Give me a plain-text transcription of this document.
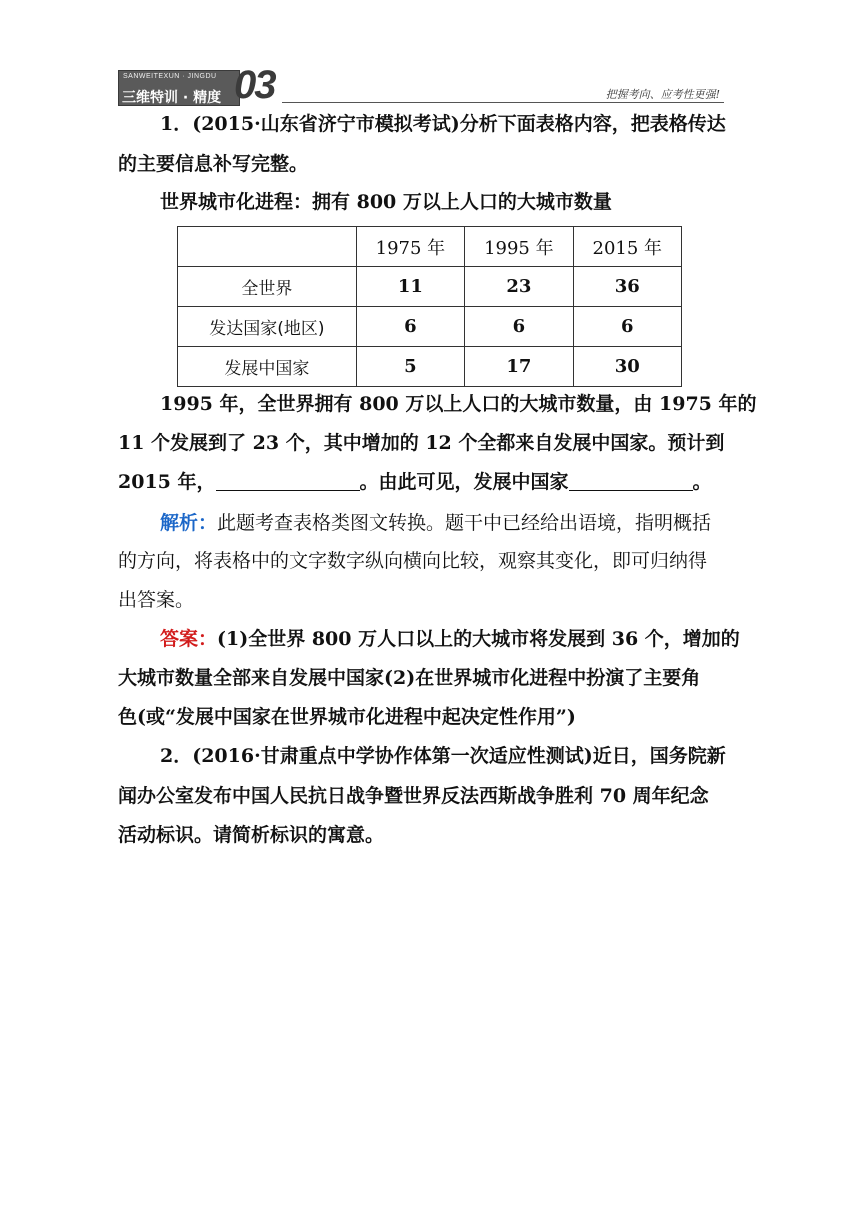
SANWEITEXUN · JINGDU
三维特训 · 精度 03	把握考向、应考性更强!
1．(2015·山东省济宁市模拟考试)分析下面表格内容，把表格传达
的主要信息补写完整。
世界城市化进程：拥有 800 万以上人口的大城市数量
	1975 年	1995 年	2015 年
全世界	11	23	36
发达国家(地区)	6	6	6
发展中国家	5	17	30
1995 年，全世界拥有 800 万以上人口的大城市数量，由 1975 年的
11 个发展到了 23 个，其中增加的 12 个全都来自发展中国家。预计到
2015 年，	。由此可见，发展中国家	。
解析：此题考查表格类图文转换。题干中已经给出语境，指明概括
的方向，将表格中的文字数字纵向横向比较，观察其变化，即可归纳得
出答案。
答案：(1)全世界 800 万人口以上的大城市将发展到 36 个，增加的
大城市数量全部来自发展中国家(2)在世界城市化进程中扮演了主要角
色(或“发展中国家在世界城市化进程中起决定性作用”)
2．(2016·甘肃重点中学协作体第一次适应性测试)近日，国务院新
闻办公室发布中国人民抗日战争暨世界反法西斯战争胜利 70 周年纪念
活动标识。请简析标识的寓意。
